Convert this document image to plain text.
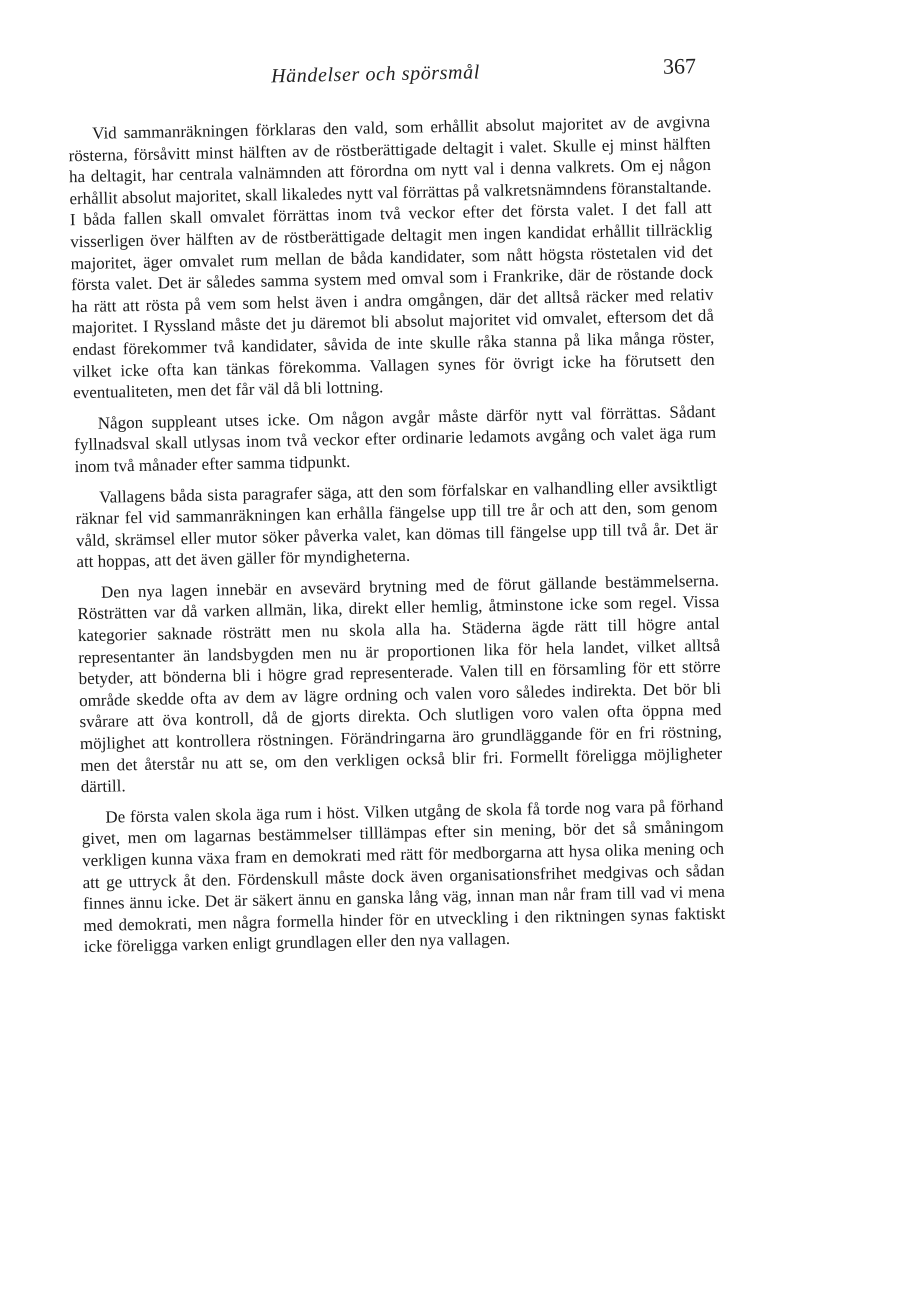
Händelser och spörsmål	367

Vid sammanräkningen förklaras den vald, som erhållit absolut majoritet av de avgivna rösterna, försåvitt minst hälften av de röstberättigade deltagit i valet. Skulle ej minst hälften ha deltagit, har centrala valnämnden att förordna om nytt val i denna valkrets. Om ej någon erhållit absolut majoritet, skall likaledes nytt val förrättas på valkretsnämndens föranstaltande. I båda fallen skall omvalet förrättas inom två veckor efter det första valet. I det fall att visserligen över hälften av de röstberättigade deltagit men ingen kandidat erhållit tillräcklig majoritet, äger omvalet rum mellan de båda kandidater, som nått högsta röstetalen vid det första valet. Det är således samma system med omval som i Frankrike, där de röstande dock ha rätt att rösta på vem som helst även i andra omgången, där det alltså räcker med relativ majoritet. I Ryssland måste det ju däremot bli absolut majoritet vid omvalet, eftersom det då endast förekommer två kandidater, såvida de inte skulle råka stanna på lika många röster, vilket icke ofta kan tänkas förekomma. Vallagen synes för övrigt icke ha förutsett den eventualiteten, men det får väl då bli lottning.

Någon suppleant utses icke. Om någon avgår måste därför nytt val förrättas. Sådant fyllnadsval skall utlysas inom två veckor efter ordinarie ledamots avgång och valet äga rum inom två månader efter samma tidpunkt.

Vallagens båda sista paragrafer säga, att den som förfalskar en valhandling eller avsiktligt räknar fel vid sammanräkningen kan erhålla fängelse upp till tre år och att den, som genom våld, skrämsel eller mutor söker påverka valet, kan dömas till fängelse upp till två år. Det är att hoppas, att det även gäller för myndigheterna.

Den nya lagen innebär en avsevärd brytning med de förut gällande bestämmelserna. Rösträtten var då varken allmän, lika, direkt eller hemlig, åtminstone icke som regel. Vissa kategorier saknade rösträtt men nu skola alla ha. Städerna ägde rätt till högre antal representanter än landsbygden men nu är proportionen lika för hela landet, vilket alltså betyder, att bönderna bli i högre grad representerade. Valen till en församling för ett större område skedde ofta av dem av lägre ordning och valen voro således indirekta. Det bör bli svårare att öva kontroll, då de gjorts direkta. Och slutligen voro valen ofta öppna med möjlighet att kontrollera röstningen. Förändringarna äro grundläggande för en fri röstning, men det återstår nu att se, om den verkligen också blir fri. Formellt föreligga möjligheter därtill.

De första valen skola äga rum i höst. Vilken utgång de skola få torde nog vara på förhand givet, men om lagarnas bestämmelser tilllämpas efter sin mening, bör det så småningom verkligen kunna växa fram en demokrati med rätt för medborgarna att hysa olika mening och att ge uttryck åt den. Fördenskull måste dock även organisationsfrihet medgivas och sådan finnes ännu icke. Det är säkert ännu en ganska lång väg, innan man når fram till vad vi mena med demokrati, men några formella hinder för en utveckling i den riktningen synas faktiskt icke föreligga varken enligt grundlagen eller den nya vallagen.
